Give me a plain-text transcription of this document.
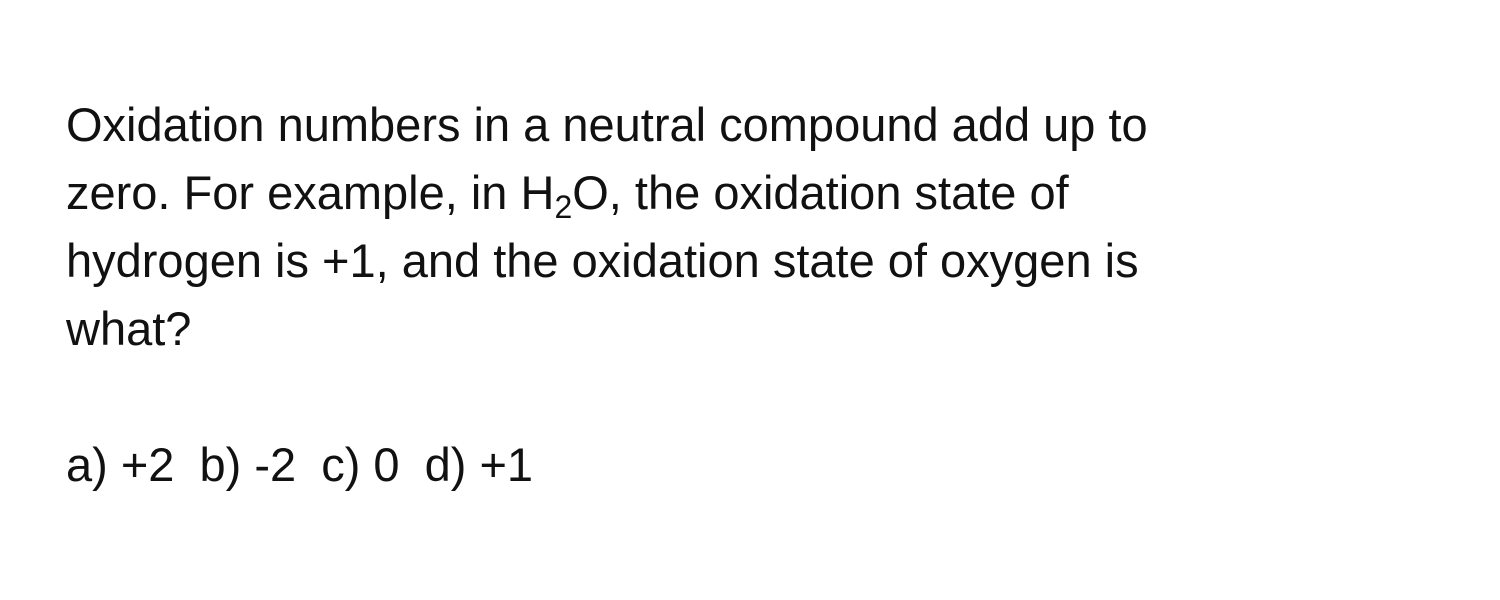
Oxidation numbers in a neutral compound add up to
zero. For example, in $H_2O$, the oxidation state of
hydrogen is +1, and the oxidation state of oxygen is
what?

a) +2 b) -2 c) 0 d) +1
